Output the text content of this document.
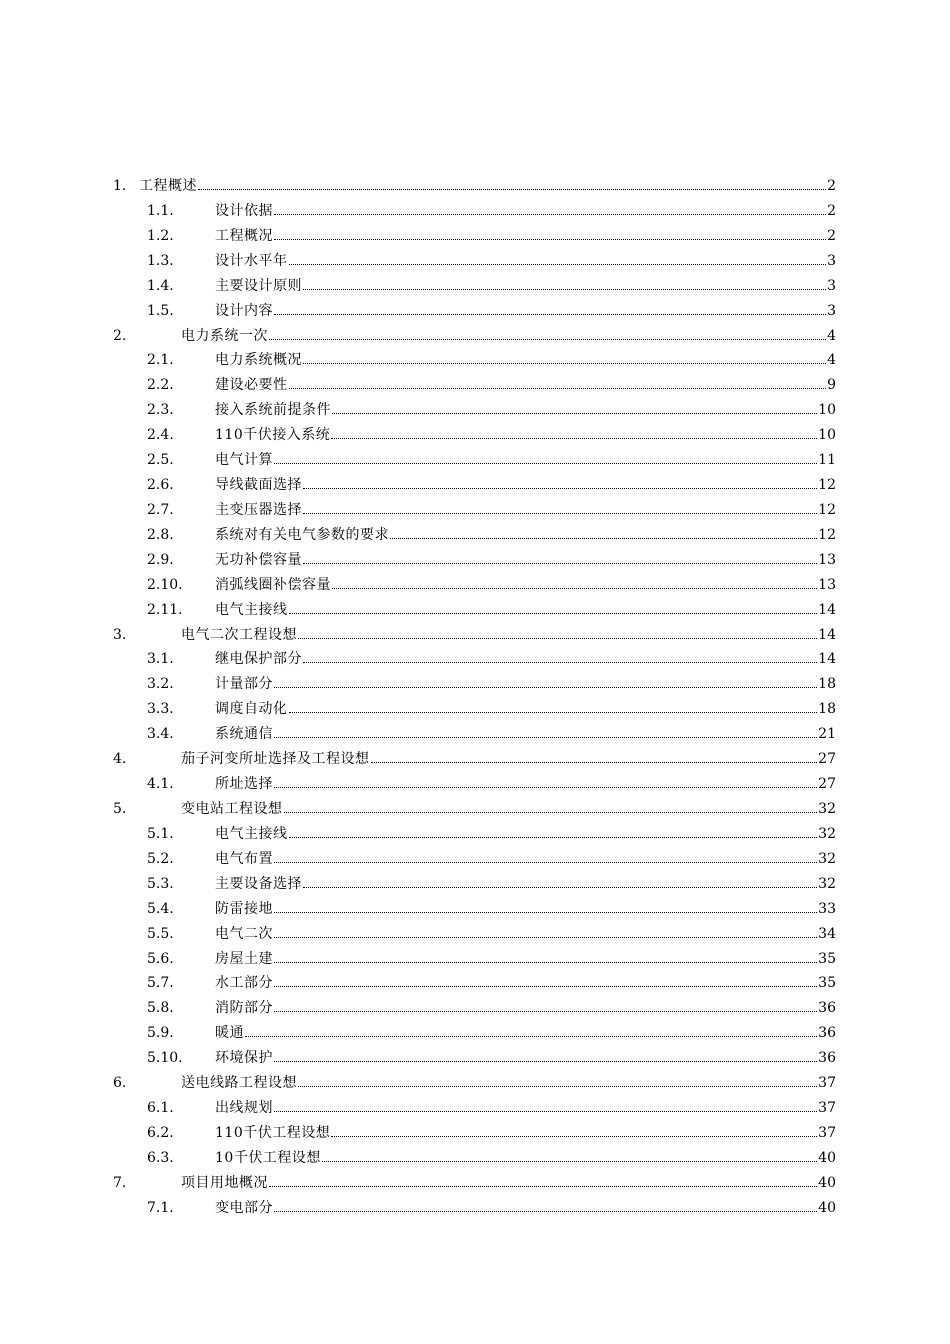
1. 工程概述	2
1.1.	设计依据	2
1.2.	工程概况	2
1.3.	设计水平年	3
1.4.	主要设计原则	3
1.5.	设计内容	3
2.	电力系统一次	4
2.1.	电力系统概况	4
2.2.	建设必要性	9
2.3.	接入系统前提条件	10
2.4.	110千伏接入系统	10
2.5.	电气计算	11
2.6.	导线截面选择	12
2.7.	主变压器选择	12
2.8.	系统对有关电气参数的要求	12
2.9.	无功补偿容量	13
2.10. 消弧线圈补偿容量	13
2.11. 电气主接线	14
3.	电气二次工程设想	14
3.1.	继电保护部分	14
3.2.	计量部分	18
3.3.	调度自动化	18
3.4.	系统通信	21
4.	茄子河变所址选择及工程设想	27
4.1.	所址选择	27
5.	变电站工程设想	32
5.1.	电气主接线	32
5.2.	电气布置	32
5.3.	主要设备选择	32
5.4.	防雷接地	33
5.5.	电气二次	34
5.6.	房屋土建	35
5.7.	水工部分	35
5.8.	消防部分	36
5.9.	暖通	36
5.10. 环境保护	36
6.	送电线路工程设想	37
6.1.	出线规划	37
6.2.	110千伏工程设想	37
6.3.	10千伏工程设想	40
7.	项目用地概况	40
7.1.	变电部分	40
